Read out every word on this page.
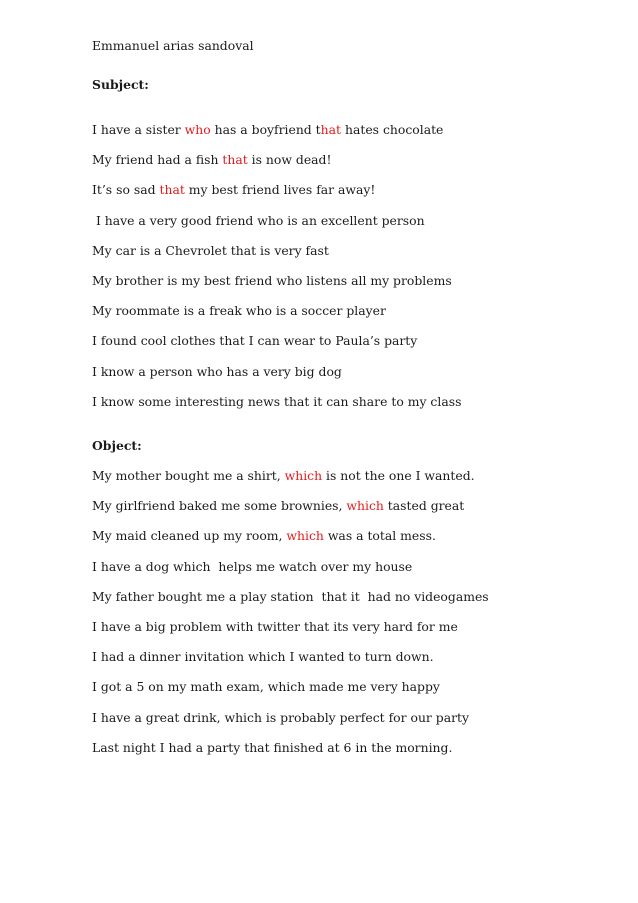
Emmanuel arias sandoval
Subject:
I have a sister who has a boyfriend that hates chocolate
My friend had a fish that is now dead!
It’s so sad that my best friend lives far away!
I have a very good friend who is an excellent person
My car is a Chevrolet that is very fast
My brother is my best friend who listens all my problems
My roommate is a freak who is a soccer player
I found cool clothes that I can wear to Paula’s party
I know a person who has a very big dog
I know some interesting news that it can share to my class
Object:
My mother bought me a shirt, which is not the one I wanted.
My girlfriend baked me some brownies, which tasted great
My maid cleaned up my room, which was a total mess.
I have a dog which  helps me watch over my house
My father bought me a play station  that it  had no videogames
I have a big problem with twitter that its very hard for me
I had a dinner invitation which I wanted to turn down.
I got a 5 on my math exam, which made me very happy
I have a great drink, which is probably perfect for our party
Last night I had a party that finished at 6 in the morning.
